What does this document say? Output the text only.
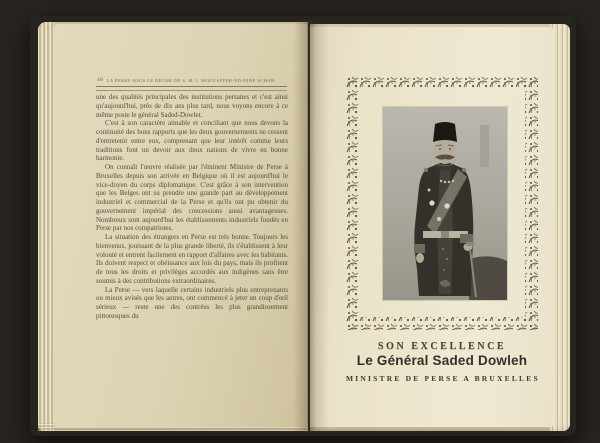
48 LA PERSE SOUS LE RÈGNE DE S. M. I. MOUZAFFER-ED-DINE SCHAH.

une des qualités principales des institutions persanes et c'est ainsi qu'aujourd'hui, près de dix ans plus tard, nous voyons encore à ce même poste le général Saded-Dowlet.

C'est à son caractère aimable et conciliant que nous devons la continuité des bons rapports que les deux gouvernements ne cessent d'entretenir entre eux, comprenant que leur intérêt comme leurs traditions font un devoir aux deux nations de vivre en bonne harmonie.

On connaît l'œuvre réalisée par l'éminent Ministre de Perse à Bruxelles depuis son arrivée en Belgique où il est aujourd'hui le vice-doyen du corps diplomatique. C'est grâce à son intervention que les Belges ont su prendre une grande part au développement industriel et commercial de la Perse et qu'ils ont pu obtenir du gouvernement impérial des concessions aussi avantageuses. Nombreux sont aujourd'hui les établissements industriels fondés en Perse par nos compatriotes.

La situation des étrangers en Perse est très bonne. Toujours les bienvenus, jouissant de la plus grande liberté, ils s'établissent à leur volonté et entrent facilement en rapport d'affaires avec les habitants. Ils doivent respect et obéissance aux lois du pays, mais ils profitent de tous les droits et privilèges accordés aux indigènes sans être soumis à des contributions extraordinaires.

La Perse — vers laquelle certains industriels plus entreprenants ou mieux avisés que les autres, ont commencé à jeter un coup d'œil sérieux — reste une des contrées les plus grandiosement pittoresques du

SON EXCELLENCE
Le Général Saded Dowleh
MINISTRE DE PERSE A BRUXELLES
